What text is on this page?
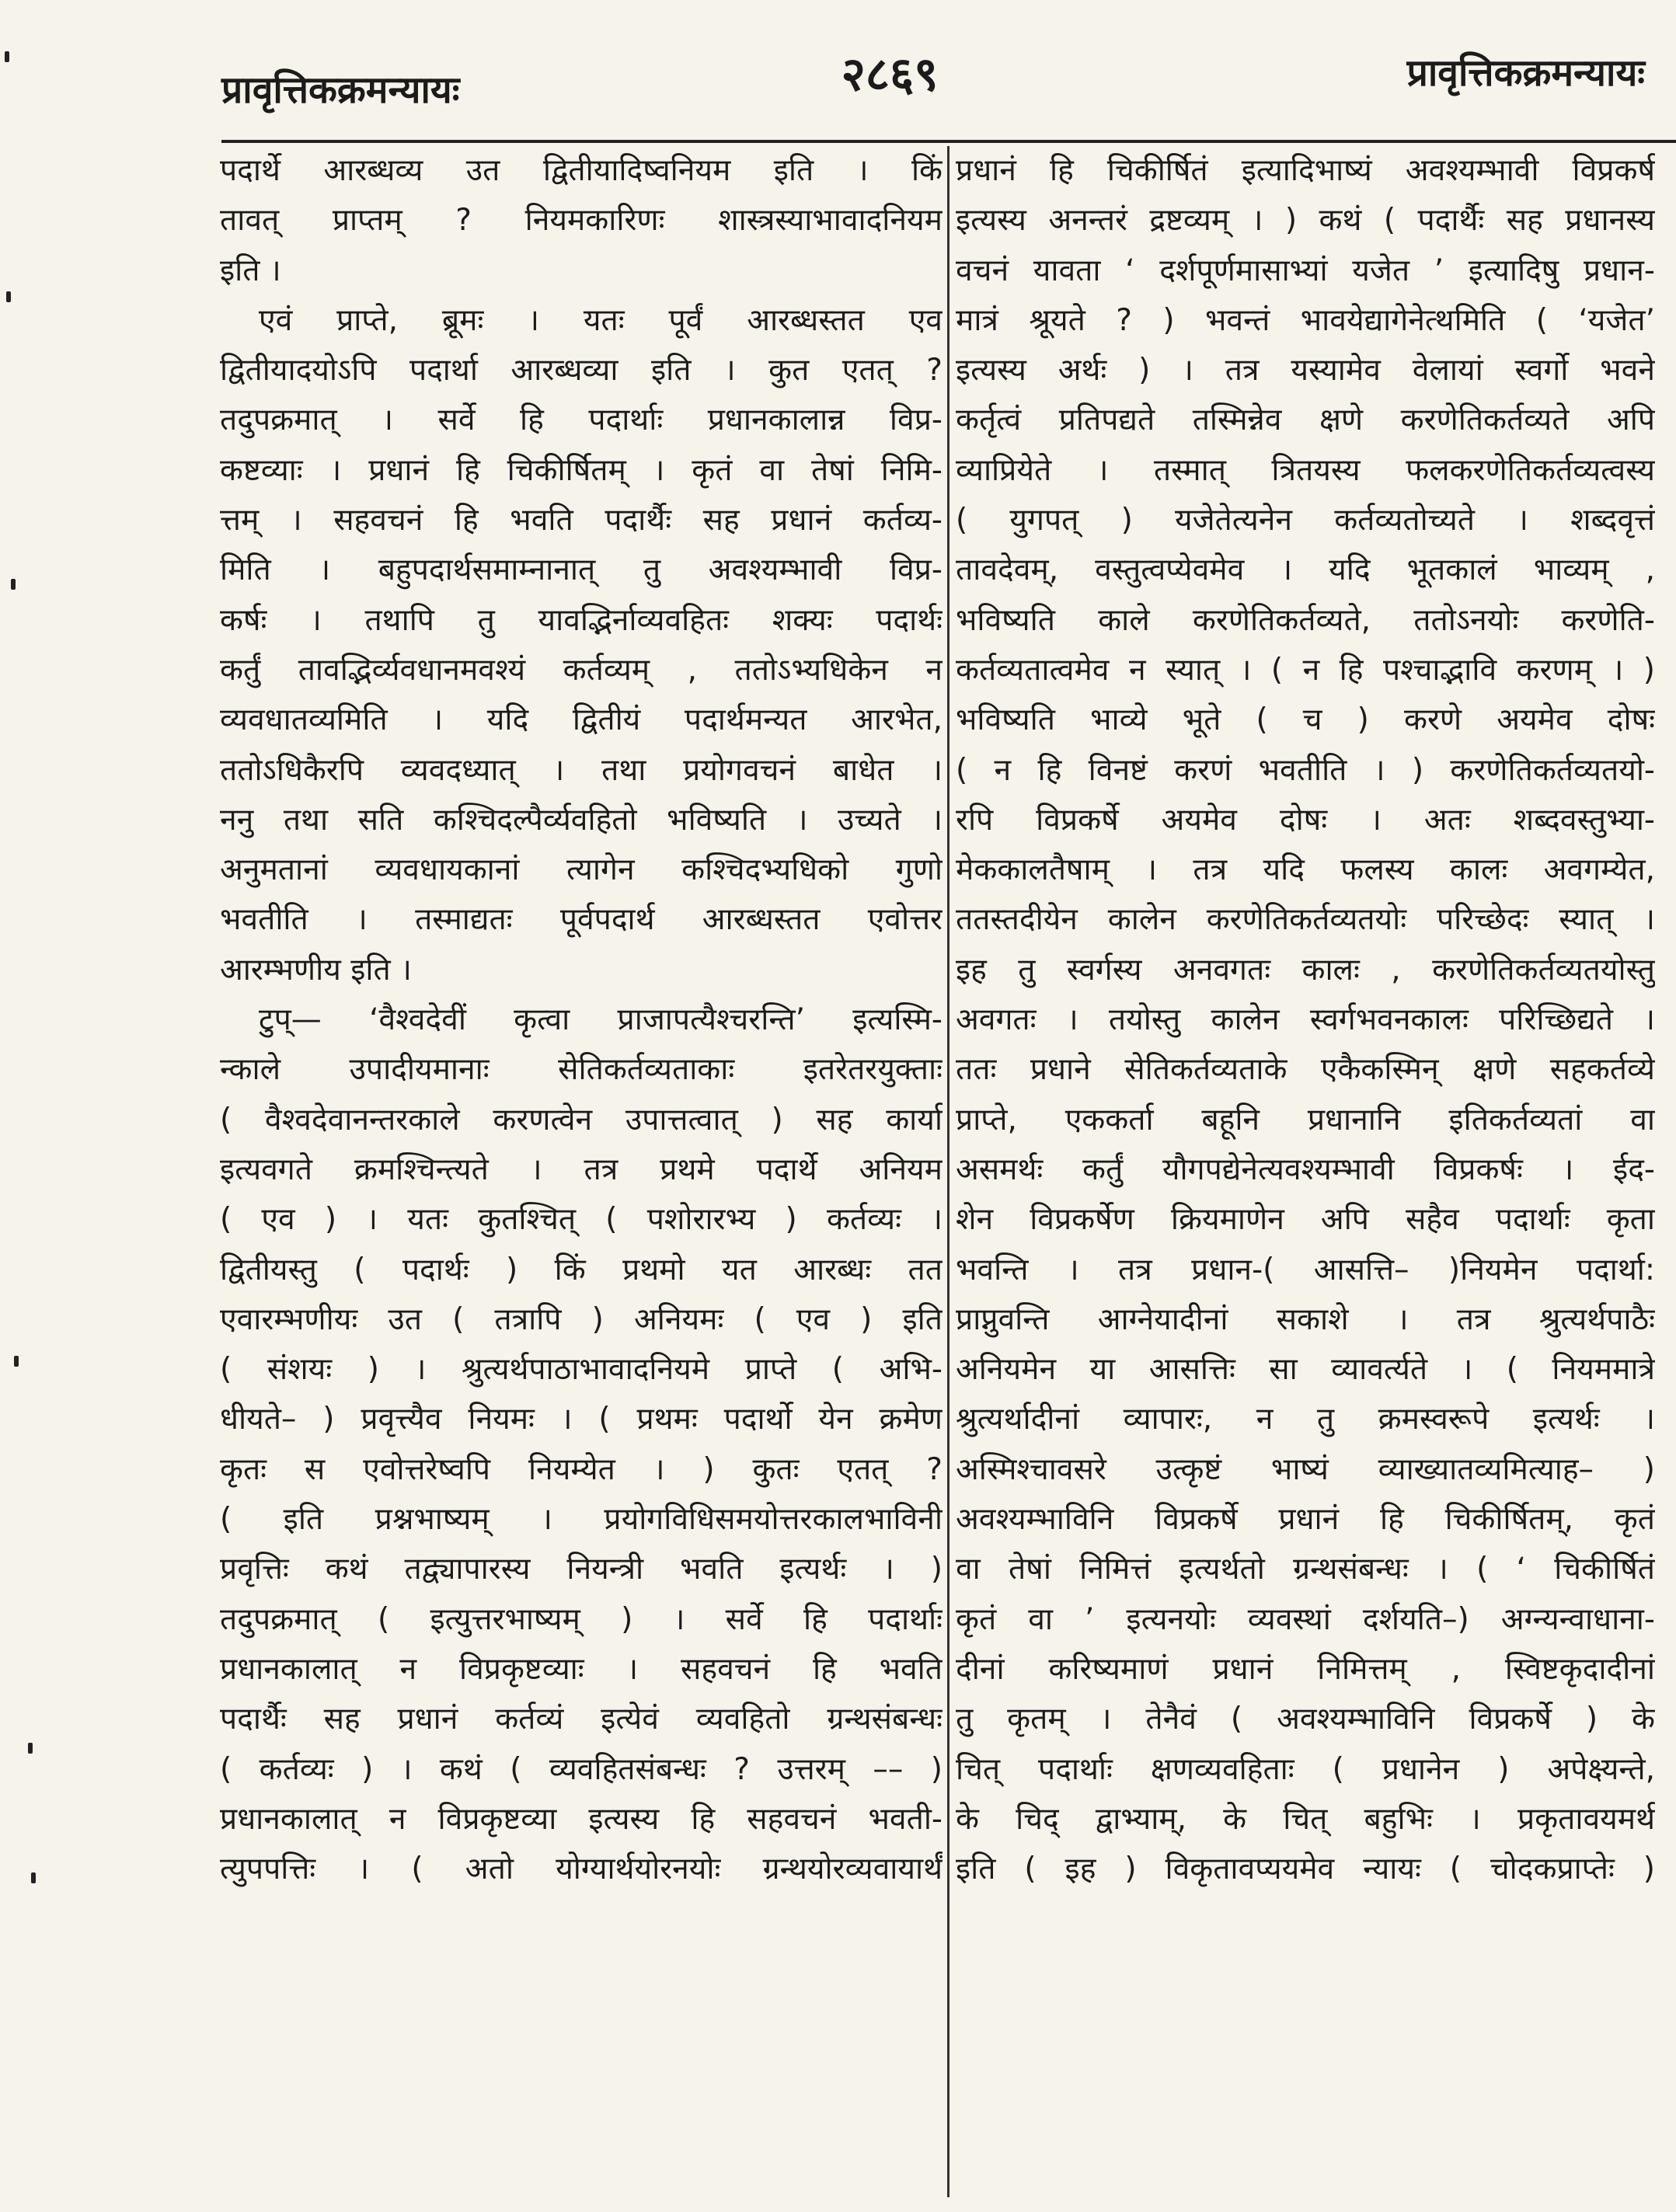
प्रावृत्तिकक्रमन्यायः	२८६९	प्रावृत्तिकक्रमन्यायः
पदार्थे आरब्धव्य उत द्वितीयादिष्वनियम इति । किं
तावत् प्राप्तम् ? नियमकारिणः शास्त्रस्याभावादनियम
इति ।
एवं प्राप्ते, ब्रूमः । यतः पूर्वं आरब्धस्तत एव
द्वितीयादयोऽपि पदार्था आरब्धव्या इति । कुत एतत् ?
तदुपक्रमात् । सर्वे हि पदार्थाः प्रधानकालान्न विप्र-
कष्टव्याः । प्रधानं हि चिकीर्षितम् । कृतं वा तेषां निमि-
त्तम् । सहवचनं हि भवति पदार्थैः सह प्रधानं कर्तव्य-
मिति । बहुपदार्थसमाम्नानात् तु अवश्यम्भावी विप्र-
कर्षः । तथापि तु यावद्भिर्नाव्यवहितः शक्यः पदार्थः
कर्तुं तावद्भिर्व्यवधानमवश्यं कर्तव्यम् , ततोऽभ्यधिकेन न
व्यवधातव्यमिति । यदि द्वितीयं पदार्थमन्यत आरभेत,
ततोऽधिकैरपि व्यवदध्यात् । तथा प्रयोगवचनं बाधेत ।
ननु तथा सति कश्चिदल्पैर्व्यवहितो भविष्यति । उच्यते ।
अनुमतानां व्यवधायकानां त्यागेन कश्चिदभ्यधिको गुणो
भवतीति । तस्माद्यतः पूर्वपदार्थ आरब्धस्तत एवोत्तर
आरम्भणीय इति ।
टुप्— ‘वैश्वदेवीं कृत्वा प्राजापत्यैश्चरन्ति’ इत्यस्मि-
न्काले उपादीयमानाः सेतिकर्तव्यताकाः इतरेतरयुक्ताः
( वैश्वदेवानन्तरकाले करणत्वेन उपात्तत्वात् ) सह कार्या
इत्यवगते क्रमश्चिन्त्यते । तत्र प्रथमे पदार्थे अनियम
( एव ) । यतः कुतश्चित् ( पशोरारभ्य ) कर्तव्यः ।
द्वितीयस्तु ( पदार्थः ) किं प्रथमो यत आरब्धः तत
एवारम्भणीयः उत ( तत्रापि ) अनियमः ( एव ) इति
( संशयः ) । श्रुत्यर्थपाठाभावादनियमे प्राप्ते ( अभि-
धीयते– ) प्रवृत्त्यैव नियमः । ( प्रथमः पदार्थो येन क्रमेण
कृतः स एवोत्तरेष्वपि नियम्येत । ) कुतः एतत् ?
( इति प्रश्नभाष्यम् । प्रयोगविधिसमयोत्तरकालभाविनी
प्रवृत्तिः कथं तद्व्यापारस्य नियन्त्री भवति इत्यर्थः । )
तदुपक्रमात् ( इत्युत्तरभाष्यम् ) । सर्वे हि पदार्थाः
प्रधानकालात् न विप्रकृष्टव्याः । सहवचनं हि भवति
पदार्थैः सह प्रधानं कर्तव्यं इत्येवं व्यवहितो ग्रन्थसंबन्धः
( कर्तव्यः ) । कथं ( व्यवहितसंबन्धः ? उत्तरम् –– )
प्रधानकालात् न विप्रकृष्टव्या इत्यस्य हि सहवचनं भवती-
त्युपपत्तिः । ( अतो योग्यार्थयोरनयोः ग्रन्थयोरव्यवायार्थं
प्रधानं हि चिकीर्षितं इत्यादिभाष्यं अवश्यम्भावी विप्रकर्ष
इत्यस्य अनन्तरं द्रष्टव्यम् । ) कथं ( पदार्थैः सह प्रधानस्य
वचनं यावता ‘ दर्शपूर्णमासाभ्यां यजेत ’ इत्यादिषु प्रधान-
मात्रं श्रूयते ? ) भवन्तं भावयेद्यागेनेत्थमिति ( ‘यजेत’
इत्यस्य अर्थः ) । तत्र यस्यामेव वेलायां स्वर्गो भवने
कर्तृत्वं प्रतिपद्यते तस्मिन्नेव क्षणे करणेतिकर्तव्यते अपि
व्याप्रियेते । तस्मात् त्रितयस्य फलकरणेतिकर्तव्यत्वस्य
( युगपत् ) यजेतेत्यनेन कर्तव्यतोच्यते । शब्दवृत्तं
तावदेवम्, वस्तुत्वप्येवमेव । यदि भूतकालं भाव्यम् ,
भविष्यति काले करणेतिकर्तव्यते, ततोऽनयोः करणेति-
कर्तव्यतात्वमेव न स्यात् । ( न हि पश्चाद्भावि करणम् । )
भविष्यति भाव्ये भूते ( च ) करणे अयमेव दोषः
( न हि विनष्टं करणं भवतीति । ) करणेतिकर्तव्यतयो-
रपि विप्रकर्षे अयमेव दोषः । अतः शब्दवस्तुभ्या-
मेककालतैषाम् । तत्र यदि फलस्य कालः अवगम्येत,
ततस्तदीयेन कालेन करणेतिकर्तव्यतयोः परिच्छेदः स्यात् ।
इह तु स्वर्गस्य अनवगतः कालः , करणेतिकर्तव्यतयोस्तु
अवगतः । तयोस्तु कालेन स्वर्गभवनकालः परिच्छिद्यते ।
ततः प्रधाने सेतिकर्तव्यताके एकैकस्मिन् क्षणे सहकर्तव्ये
प्राप्ते, एककर्ता बहूनि प्रधानानि इतिकर्तव्यतां वा
असमर्थः कर्तुं यौगपद्येनेत्यवश्यम्भावी विप्रकर्षः । ईद-
शेन विप्रकर्षेण क्रियमाणेन अपि सहैव पदार्थाः कृता
भवन्ति । तत्र प्रधान-( आसत्ति– )नियमेन पदार्था:
प्राप्नुवन्ति आग्नेयादीनां सकाशे । तत्र श्रुत्यर्थपाठैः
अनियमेन या आसत्तिः सा व्यावर्त्यते । ( नियममात्रे
श्रुत्यर्थादीनां व्यापारः, न तु क्रमस्वरूपे इत्यर्थः ।
अस्मिश्चावसरे उत्कृष्टं भाष्यं व्याख्यातव्यमित्याह– )
अवश्यम्भाविनि विप्रकर्षे प्रधानं हि चिकीर्षितम्, कृतं
वा तेषां निमित्तं इत्यर्थतो ग्रन्थसंबन्धः । ( ‘ चिकीर्षितं
कृतं वा ’ इत्यनयोः व्यवस्थां दर्शयति–) अग्न्यन्वाधाना-
दीनां करिष्यमाणं प्रधानं निमित्तम् , स्विष्टकृदादीनां
तु कृतम् । तेनैवं ( अवश्यम्भाविनि विप्रकर्षे ) के
चित् पदार्थाः क्षणव्यवहिताः ( प्रधानेन ) अपेक्ष्यन्ते,
के चिद् द्वाभ्याम्, के चित् बहुभिः । प्रकृतावयमर्थ
इति ( इह ) विकृतावप्ययमेव न्यायः ( चोदकप्राप्तेः )
